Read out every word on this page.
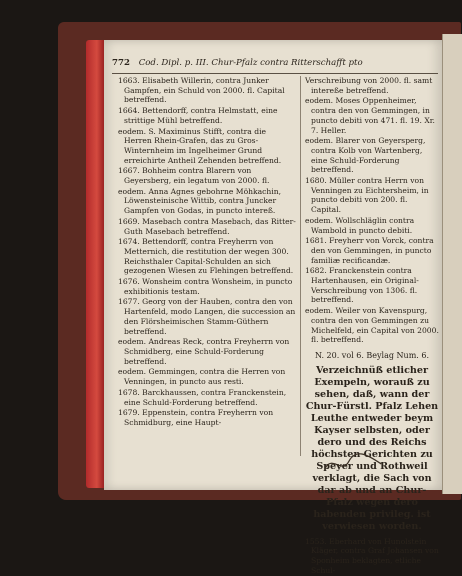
772 Cod. Dipl. p. III. Chur-Pfalz contra Ritterschafft pto

1663. Elisabeth Willerin, contra Junker Gampfen, ein Schuld von 2000. fl. Capital betreffend.

1664. Bettendorff, contra Helmstatt, eine strittige Mühl betreffend.

eodem. S. Maximinus Stifft, contra die Herren Rhein-Grafen, das zu Gros-Winternheim im Ingelheimer Grund erreichirte Antheil Zehenden betreffend.

1667. Bohheim contra Blarern von Geyersberg, ein legatum von 2000. fl.

eodem. Anna Agnes gebohrne Möhkachin, Löwensteinische Wittib, contra Juncker Gampfen von Godas, in puncto intereß.

1669. Masebach contra Masebach, das Ritter-Guth Masebach betreffend.

1674. Bettendorff, contra Freyherrn von Metternich, die restitution der wegen 300. Reichsthaler Capital-Schulden an sich gezogenen Wiesen zu Flehingen betreffend.

1676. Wonsheim contra Wonsheim, in puncto exhibitionis testam.

1677. Georg von der Hauben, contra den von Hartenfeld, modo Langen, die succession an den Flörsheimischen Stamm-Güthern betreffend.

eodem. Andreas Reck, contra Freyherrn von Schmidberg, eine Schuld-Forderung betreffend.

eodem. Gemmingen, contra die Herren von Venningen, in puncto aus resti.

1678. Barckhaussen, contra Franckenstein, eine Schuld-Forderung betreffend.

1679. Eppenstein, contra Freyherrn von Schmidburg, eine Haupt-

Verschreibung von 2000. fl. samt intereße betreffend.

eodem. Moses Oppenheimer, contra den von Gemmingen, in puncto debiti von 471. fl. 19. Xr. 7. Heller.

eodem. Blarer von Geyersperg, contra Kolb von Wartenberg, eine Schuld-Forderung betreffend.

1680. Müller contra Herrn von Venningen zu Eichtersheim, in puncto debiti von 200. fl. Capital.

eodem. Wollschläglin contra Wambold in puncto debiti.

1681. Freyherr von Vorck, contra den von Gemmingen, in puncto familiæ recificandæ.

1682. Franckenstein contra Hartenhausen, ein Original-Verschreibung von 1306. fl. betreffend.

eodem. Weiler von Kavenspurg, contra den von Gemmingen zu Michelfeld, ein Capital von 2000. fl. betreffend.

N. 20. vol 6. Beylag Num. 6.

Verzeichnüß etlicher Exempeln, worauß zu sehen, daß, wann der Chur-Fürstl. Pfalz Lehen Leuthe entweder beym Kayser selbsten, oder dero und des Reichs höchsten Gerichten zu Speyer und Rothweil verklagt, die Sach von dar ab und an Chur-Pfalz wegen dero habenden privileg. ist verwiesen worden.

1553. Eberhard von Hunolstein Kläger, contra Graf Johansen von Sponheim beklagten, etliche Schul-
